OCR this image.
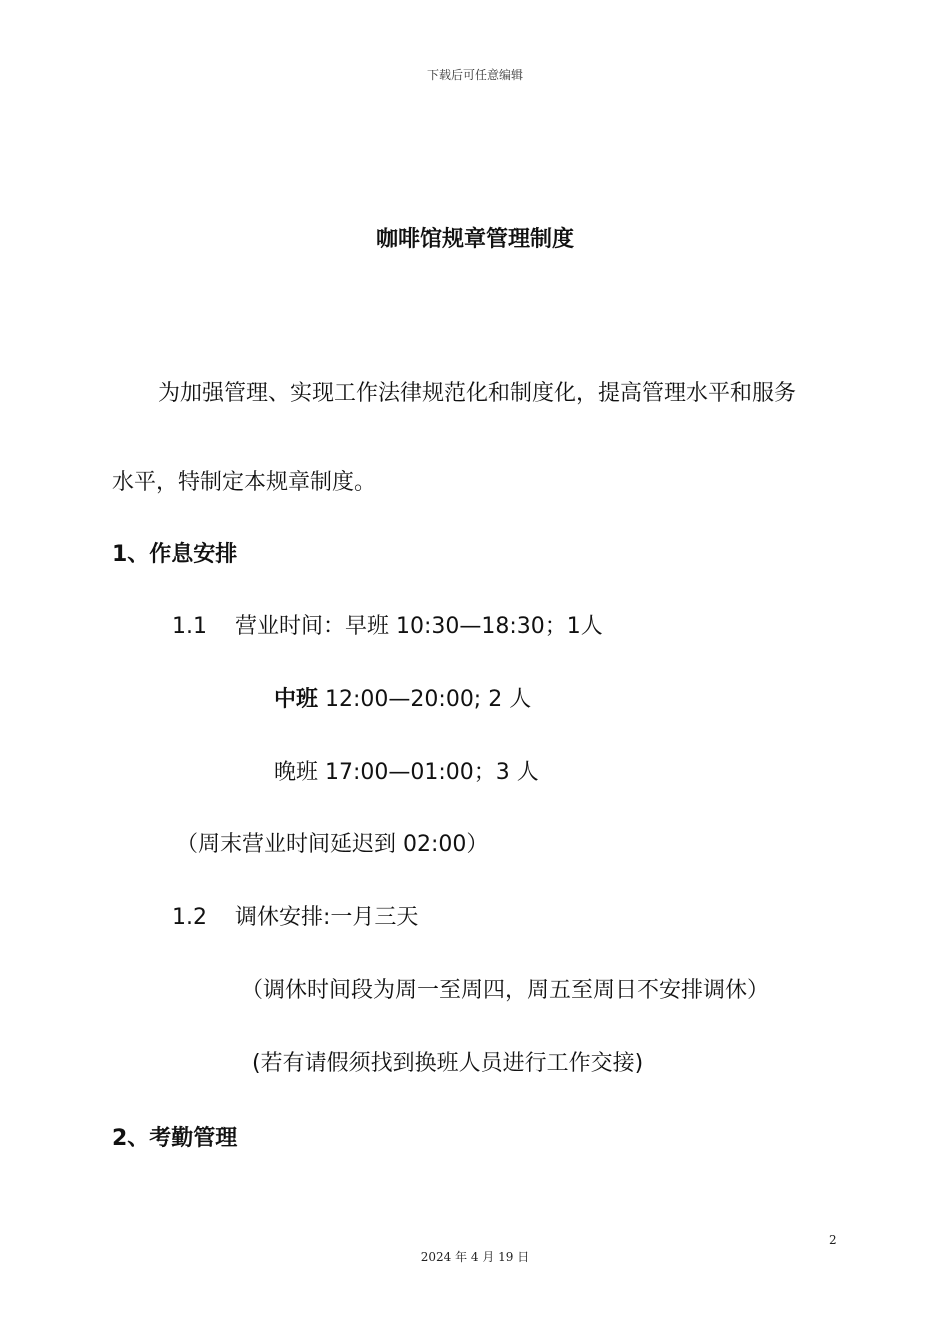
下载后可任意编辑
咖啡馆规章管理制度
为加强管理、实现工作法律规范化和制度化，提高管理水平和服务
水平，特制定本规章制度。
1、作息安排
1.1 营业时间：早班 10:30—18:30；1人
中班 12:00—20:00; 2 人
晚班 17:00—01:00；3 人
（周末营业时间延迟到 02:00）
1.2 调休安排:一月三天
（调休时间段为周一至周四，周五至周日不安排调休）
(若有请假须找到换班人员进行工作交接)
2、考勤管理
2
2024 年 4 月 19 日
